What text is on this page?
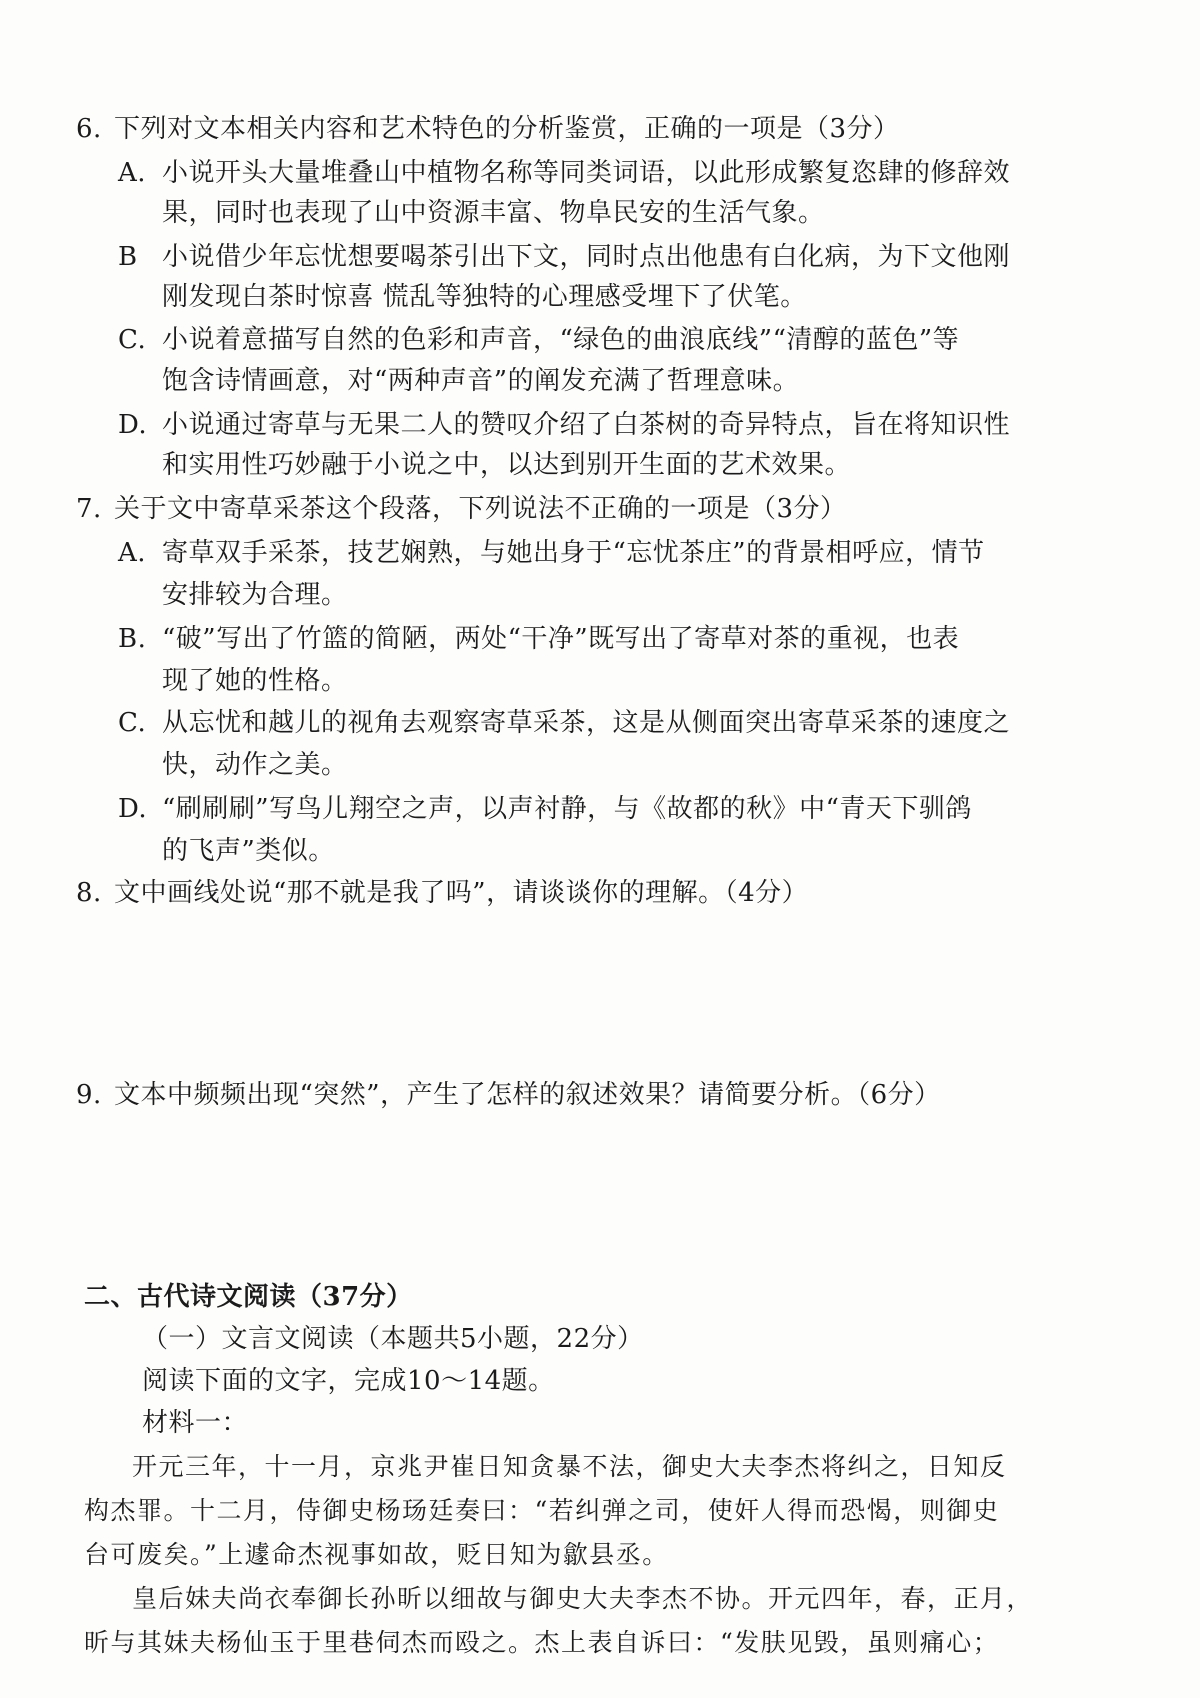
6. 下列对文本相关内容和艺术特色的分析鉴赏，正确的一项是（3分）
A. 小说开头大量堆叠山中植物名称等同类词语，以此形成繁复恣肆的修辞效
果，同时也表现了山中资源丰富、物阜民安的生活气象。
B 小说借少年忘忧想要喝茶引出下文，同时点出他患有白化病，为下文他刚
刚发现白茶时惊喜 慌乱等独特的心理感受埋下了伏笔。
C. 小说着意描写自然的色彩和声音，“绿色的曲浪底线”“清醇的蓝色”等
饱含诗情画意，对“两种声音”的阐发充满了哲理意味。
D. 小说通过寄草与无果二人的赞叹介绍了白茶树的奇异特点，旨在将知识性
和实用性巧妙融于小说之中，以达到别开生面的艺术效果。
7. 关于文中寄草采茶这个段落，下列说法不正确的一项是（3分）
A. 寄草双手采茶，技艺娴熟，与她出身于“忘忧茶庄”的背景相呼应，情节
安排较为合理。
B. “破”写出了竹篮的简陋，两处“干净”既写出了寄草对茶的重视，也表
现了她的性格。
C. 从忘忧和越儿的视角去观察寄草采茶，这是从侧面突出寄草采茶的速度之
快，动作之美。
D. “刷刷刷”写鸟儿翔空之声，以声衬静，与《故都的秋》中“青天下驯鸽
的飞声”类似。
8. 文中画线处说“那不就是我了吗”，请谈谈你的理解。（4分）
9. 文本中频频出现“突然”，产生了怎样的叙述效果？请简要分析。（6分）
二、古代诗文阅读（37分）
（一）文言文阅读（本题共5小题，22分）
阅读下面的文字，完成10～14题。
材料一：
开元三年，十一月，京兆尹崔日知贪暴不法，御史大夫李杰将纠之，日知反
构杰罪。十二月，侍御史杨玚廷奏曰：“若纠弹之司，使奸人得而恐愒，则御史
台可废矣。”上遽命杰视事如故，贬日知为歙县丞。
皇后妹夫尚衣奉御长孙昕以细故与御史大夫李杰不协。开元四年，春，正月，
昕与其妹夫杨仙玉于里巷伺杰而殴之。杰上表自诉曰：“发肤见毁，虽则痛心；
